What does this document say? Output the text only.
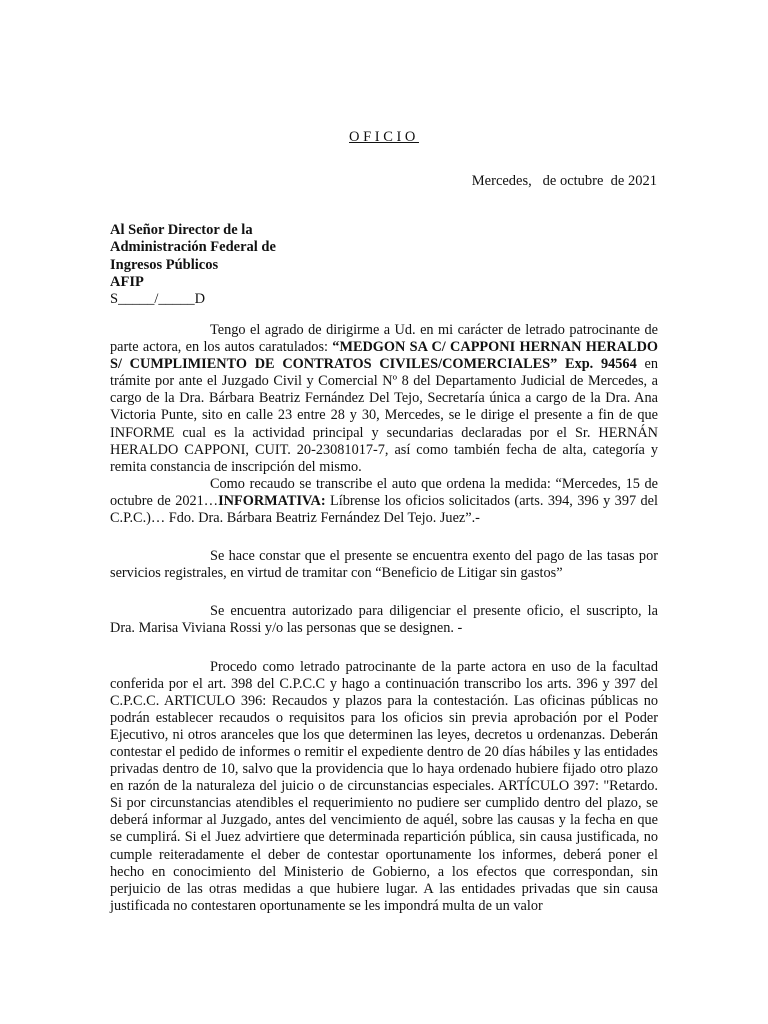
OFICIO
Mercedes,   de octubre  de 2021
Al Señor Director de la
Administración Federal de
Ingresos Públicos
AFIP
S_____/_____D

Tengo el agrado de dirigirme a Ud. en mi carácter de letrado patrocinante de parte actora, en los autos caratulados: “MEDGON SA C/ CAPPONI HERNAN HERALDO S/ CUMPLIMIENTO DE CONTRATOS CIVILES/COMERCIALES” Exp. 94564 en trámite por ante el Juzgado Civil y Comercial Nº 8 del Departamento Judicial de Mercedes, a cargo de la Dra. Bárbara Beatriz Fernández Del Tejo, Secretaría única a cargo de la Dra. Ana Victoria Punte, sito en calle 23 entre 28 y 30, Mercedes, se le dirige el presente a fin de que INFORME cual es la actividad principal y secundarias declaradas por el Sr. HERNÁN HERALDO CAPPONI, CUIT. 20-23081017-7, así como también fecha de alta, categoría y remita constancia de inscripción del mismo.

Como recaudo se transcribe el auto que ordena la medida: “Mercedes, 15 de octubre de 2021…INFORMATIVA: Líbrense los oficios solicitados (arts. 394, 396 y 397 del C.P.C.)… Fdo. Dra. Bárbara Beatriz Fernández Del Tejo. Juez”.-

Se hace constar que el presente se encuentra exento del pago de las tasas por servicios registrales, en virtud de tramitar con “Beneficio de Litigar sin gastos”

Se encuentra autorizado para diligenciar el presente oficio, el suscripto, la Dra. Marisa Viviana Rossi y/o las personas que se designen. -

Procedo como letrado patrocinante de la parte actora en uso de la facultad conferida por el art. 398 del C.P.C.C y hago a continuación transcribo los arts. 396 y 397 del C.P.C.C. ARTICULO 396: Recaudos y plazos para la contestación. Las oficinas públicas no podrán establecer recaudos o requisitos para los oficios sin previa aprobación por el Poder Ejecutivo, ni otros aranceles que los que determinen las leyes, decretos u ordenanzas. Deberán contestar el pedido de informes o remitir el expediente dentro de 20 días hábiles y las entidades privadas dentro de 10, salvo que la providencia que lo haya ordenado hubiere fijado otro plazo en razón de la naturaleza del juicio o de circunstancias especiales. ARTÍCULO 397: "Retardo. Si por circunstancias atendibles el requerimiento no pudiere ser cumplido dentro del plazo, se deberá informar al Juzgado, antes del vencimiento de aquél, sobre las causas y la fecha en que se cumplirá. Si el Juez advirtiere que determinada repartición pública, sin causa justificada, no cumple reiteradamente el deber de contestar oportunamente los informes, deberá poner el hecho en conocimiento del Ministerio de Gobierno, a los efectos que correspondan, sin perjuicio de las otras medidas a que hubiere lugar. A las entidades privadas que sin causa justificada no contestaren oportunamente se les impondrá multa de un valor
